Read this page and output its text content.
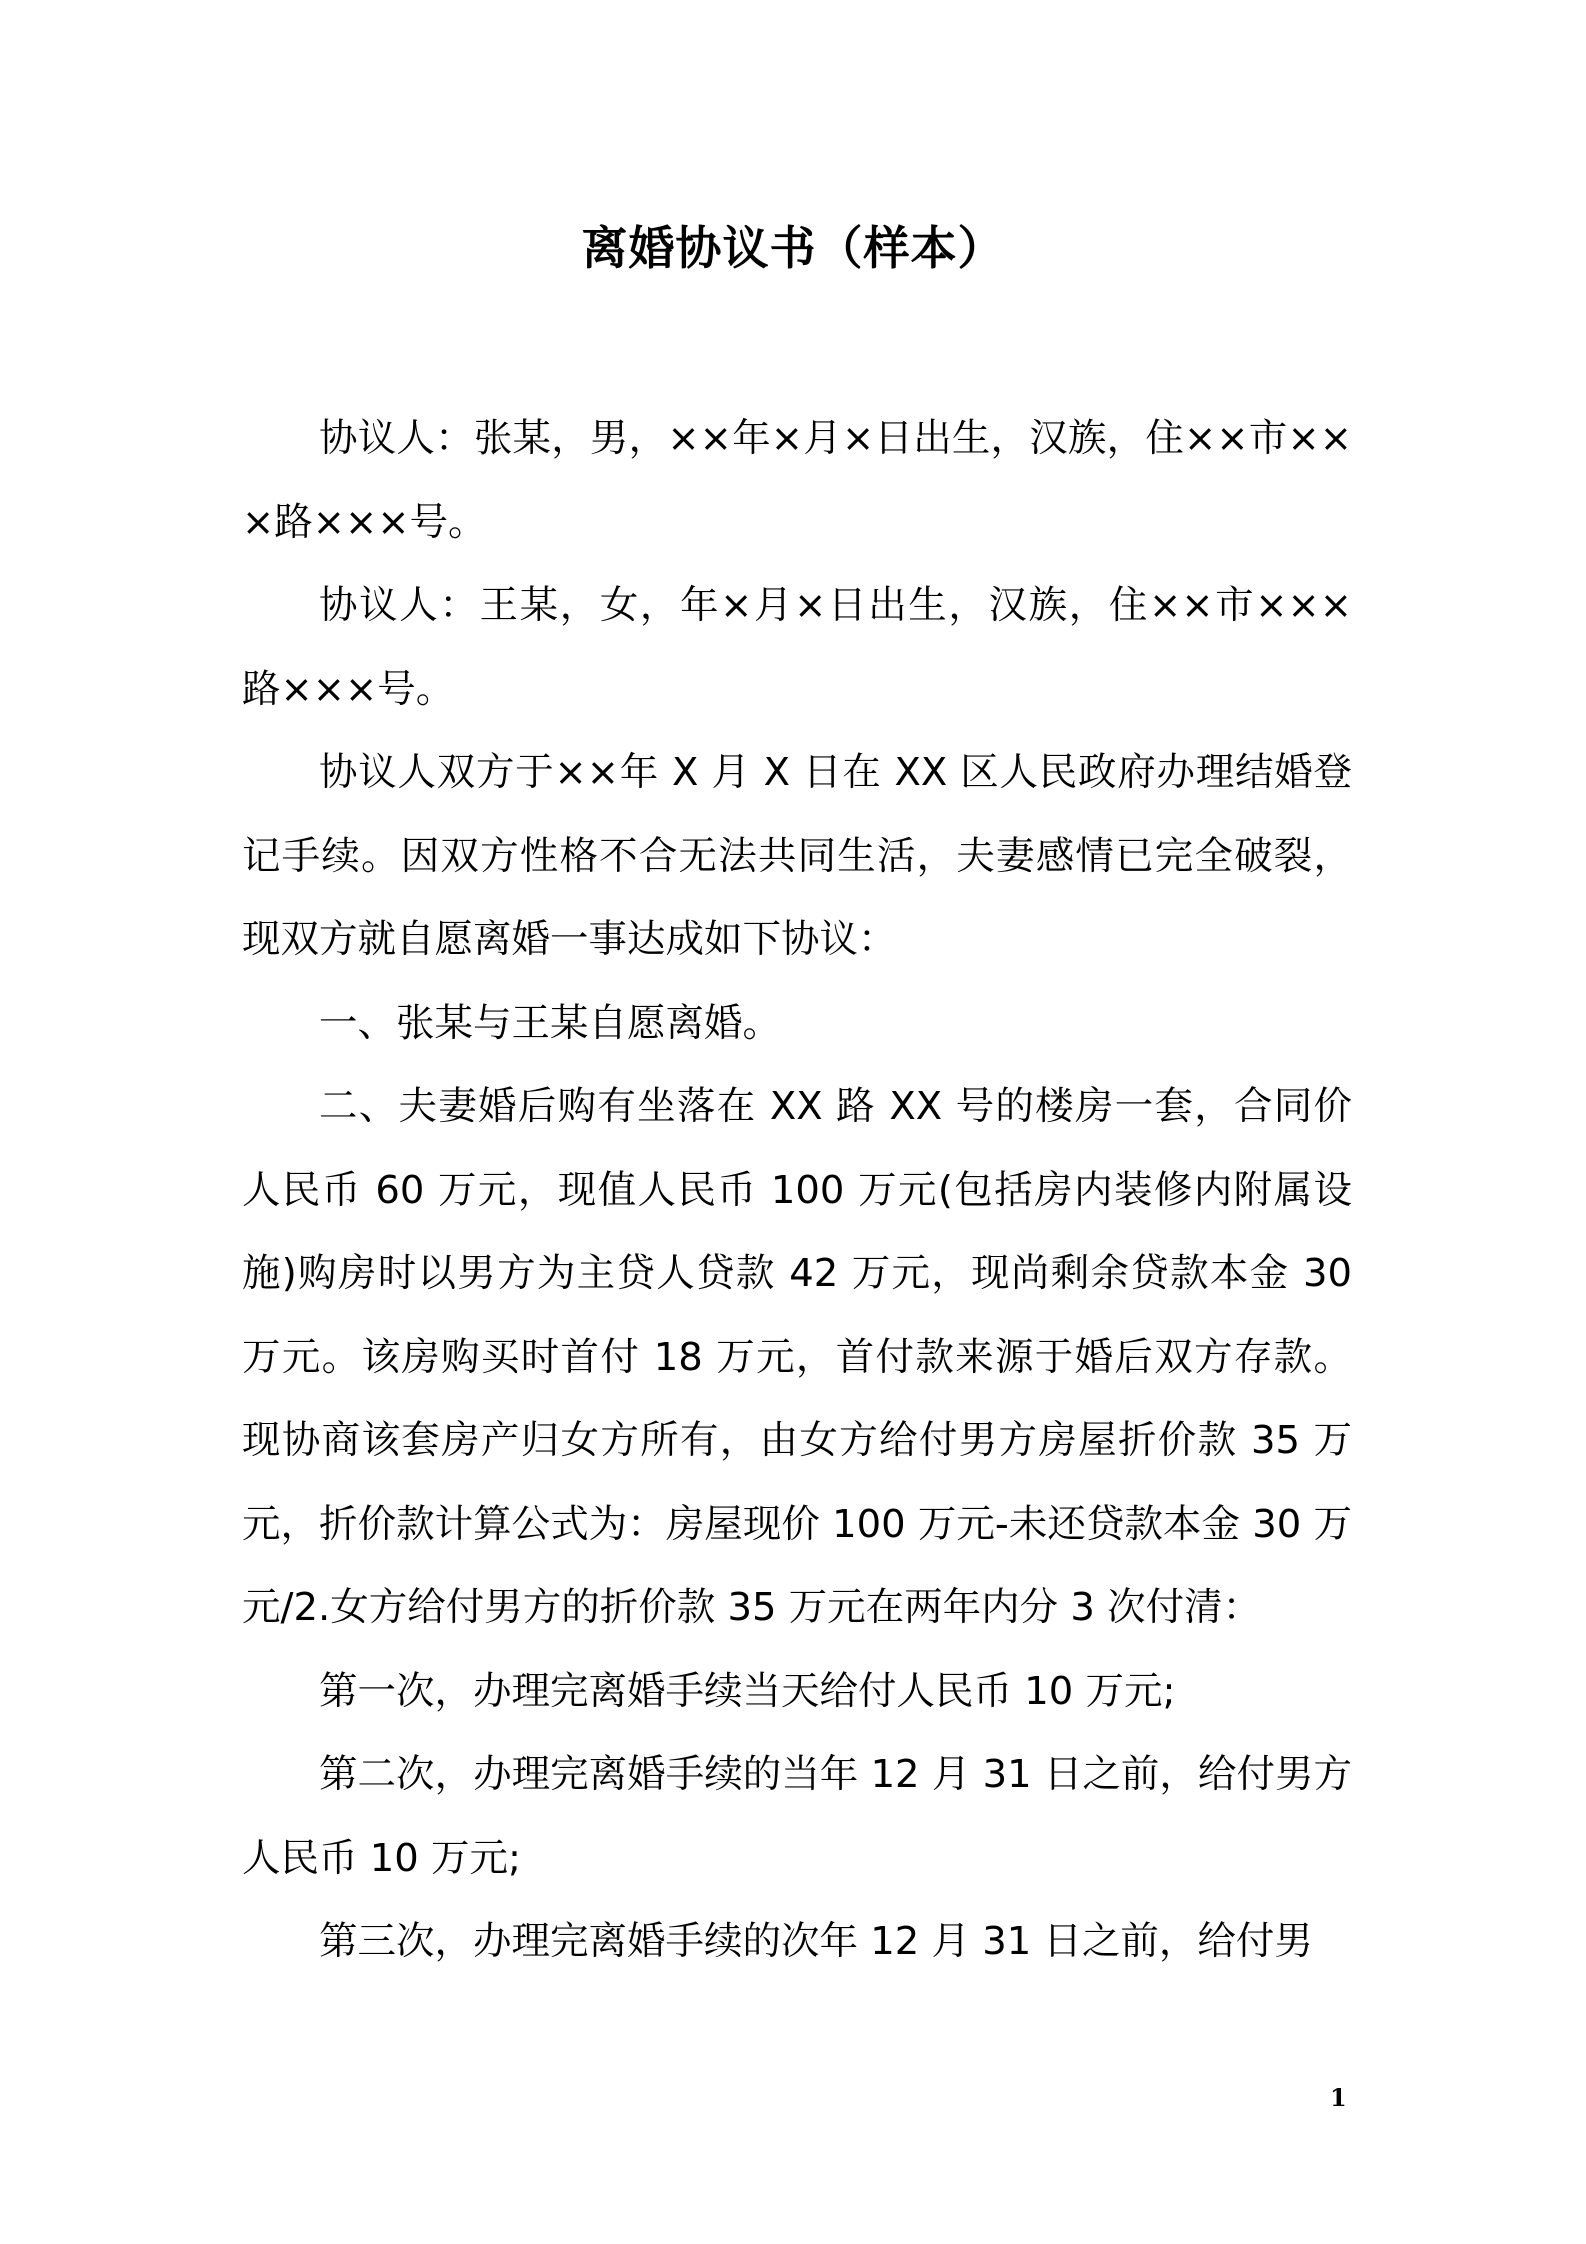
离婚协议书（样本）

协议人：张某，男，××年×月×日出生，汉族，住××市×××路×××号。

协议人：王某，女，年×月×日出生，汉族，住××市×××路×××号。

协议人双方于××年 X 月 X 日在 XX 区人民政府办理结婚登记手续。因双方性格不合无法共同生活，夫妻感情已完全破裂，现双方就自愿离婚一事达成如下协议：

一、张某与王某自愿离婚。

二、夫妻婚后购有坐落在 XX 路 XX 号的楼房一套，合同价人民币 60 万元，现值人民币 100 万元(包括房内装修内附属设施)购房时以男方为主贷人贷款 42 万元，现尚剩余贷款本金 30 万元。该房购买时首付 18 万元，首付款来源于婚后双方存款。现协商该套房产归女方所有，由女方给付男方房屋折价款 35 万元，折价款计算公式为：房屋现价 100 万元-未还贷款本金 30 万元/2.女方给付男方的折价款 35 万元在两年内分 3 次付清：

第一次，办理完离婚手续当天给付人民币 10 万元;

第二次，办理完离婚手续的当年 12 月 31 日之前，给付男方人民币 10 万元;

第三次，办理完离婚手续的次年 12 月 31 日之前，给付男

1
